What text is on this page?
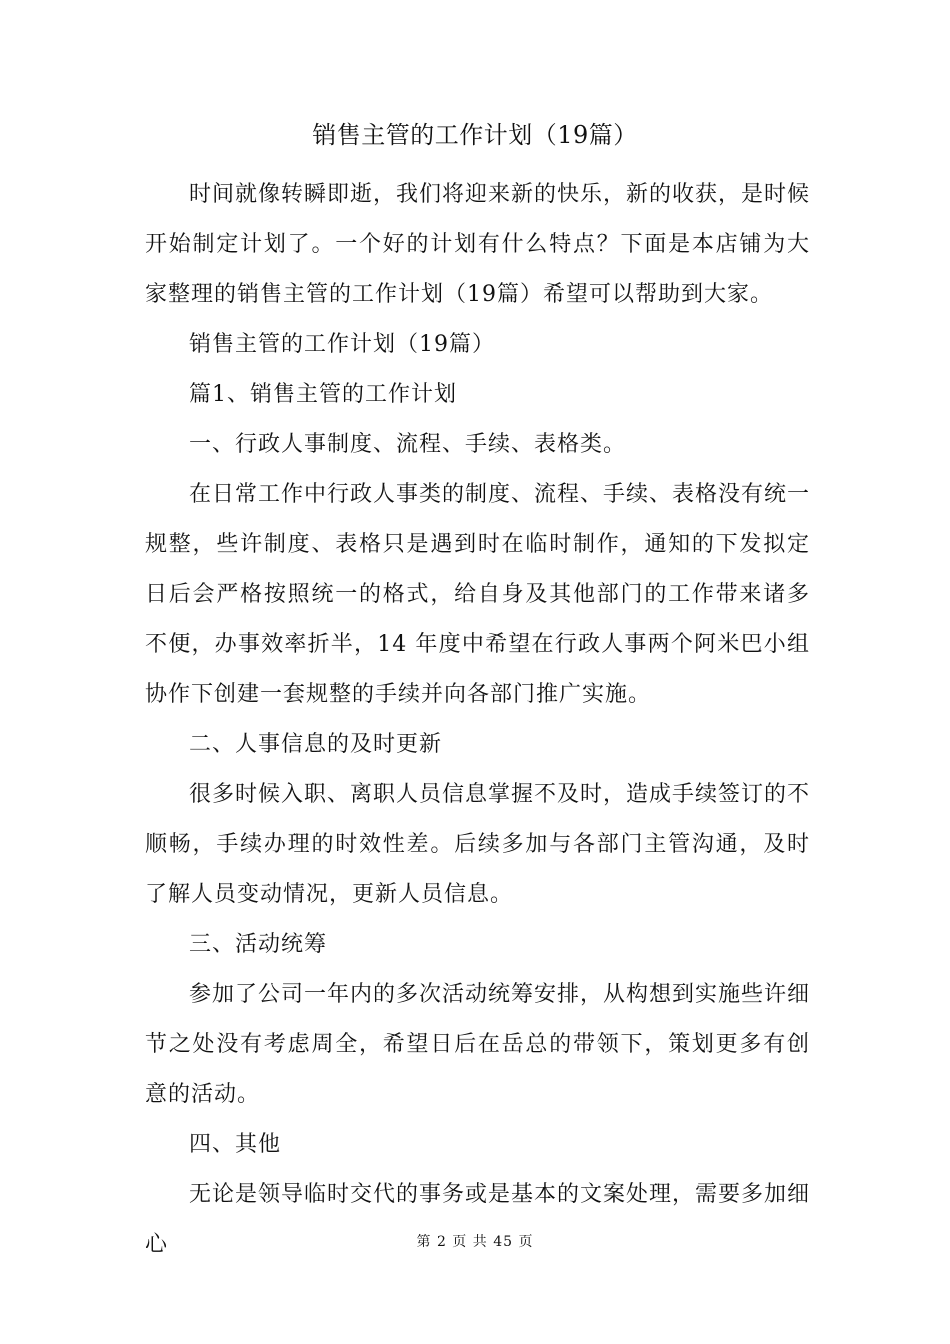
销售主管的工作计划（19篇）

时间就像转瞬即逝，我们将迎来新的快乐，新的收获，是时候开始制定计划了。一个好的计划有什么特点？下面是本店铺为大家整理的销售主管的工作计划（19篇）希望可以帮助到大家。

销售主管的工作计划（19篇）

篇1、销售主管的工作计划

一、行政人事制度、流程、手续、表格类。

在日常工作中行政人事类的制度、流程、手续、表格没有统一规整，些许制度、表格只是遇到时在临时制作，通知的下发拟定日后会严格按照统一的格式，给自身及其他部门的工作带来诸多不便，办事效率折半，14 年度中希望在行政人事两个阿米巴小组协作下创建一套规整的手续并向各部门推广实施。

二、人事信息的及时更新

很多时候入职、离职人员信息掌握不及时，造成手续签订的不顺畅，手续办理的时效性差。后续多加与各部门主管沟通，及时了解人员变动情况，更新人员信息。

三、活动统筹

参加了公司一年内的多次活动统筹安排，从构想到实施些许细节之处没有考虑周全，希望日后在岳总的带领下，策划更多有创意的活动。

四、其他

无论是领导临时交代的事务或是基本的文案处理，需要多加细心	第 2 页 共 45 页
